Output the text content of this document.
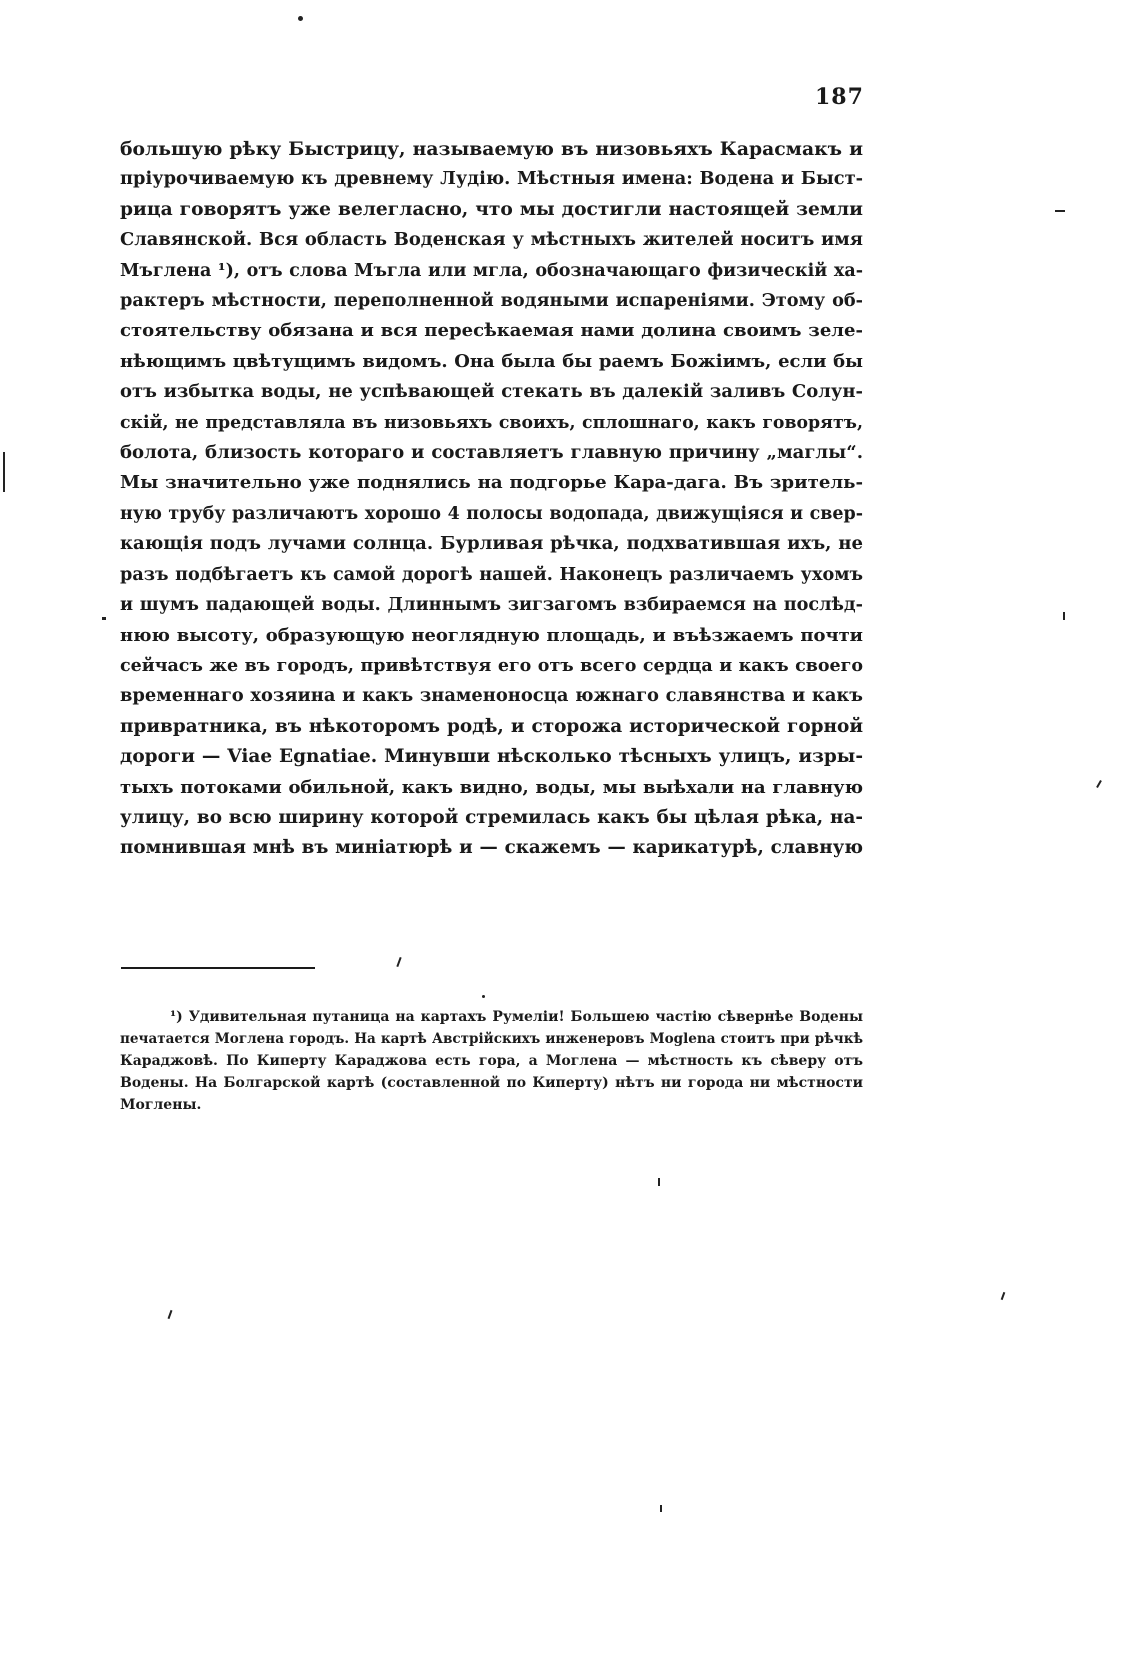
187
большую рѣку Быстрицу, называемую въ низовьяхъ Карасмакъ и
пріурочиваемую къ древнему Лудію. Мѣстныя имена: Водена и Быст-
рица говорятъ уже велегласно, что мы достигли настоящей земли
Славянской. Вся область Воденская у мѣстныхъ жителей носитъ имя
Мъглена ¹), отъ слова Мъгла или мгла, обозначающаго физическій ха-
рактеръ мѣстности, переполненной водяными испареніями. Этому об-
стоятельству обязана и вся пересѣкаемая нами долина своимъ зеле-
нѣющимъ цвѣтущимъ видомъ. Она была бы раемъ Божіимъ, если бы
отъ избытка воды, не успѣвающей стекать въ далекій заливъ Солун-
скій, не представляла въ низовьяхъ своихъ, сплошнаго, какъ говорятъ,
болота, близость котораго и составляетъ главную причину „маглы“.
Мы значительно уже поднялись на подгорье Кара-дага. Въ зритель-
ную трубу различаютъ хорошо 4 полосы водопада, движущіяся и свер-
кающія подъ лучами солнца. Бурливая рѣчка, подхватившая ихъ, не
разъ подбѣгаетъ къ самой дорогѣ нашей. Наконецъ различаемъ ухомъ
и шумъ падающей воды. Длиннымъ зигзагомъ взбираемся на послѣд-
нюю высоту, образующую неоглядную площадь, и въѣзжаемъ почти
сейчасъ же въ городъ, привѣтствуя его отъ всего сердца и какъ своего
временнаго хозяина и какъ знаменоносца южнаго славянства и какъ
привратника, въ нѣкоторомъ родѣ, и сторожа исторической горной
дороги — Viae Egnatiae. Минувши нѣсколько тѣсныхъ улицъ, изры-
тыхъ потоками обильной, какъ видно, воды, мы выѣхали на главную
улицу, во всю ширину которой стремилась какъ бы цѣлая рѣка, на-
помнившая мнѣ въ миніатюрѣ и — скажемъ — карикатурѣ, славную
¹) Удивительная путаница на картахъ Румеліи! Большею частію сѣвернѣе Водены
печатается Моглена городъ. На картѣ Австрійскихъ инженеровъ Moglena стоитъ при рѣчкѣ
Караджовѣ. По Киперту Караджова есть гора, а Моглена — мѣстность къ сѣверу отъ
Водены. На Болгарской картѣ (составленной по Киперту) нѣтъ ни города ни мѣстности
Моглены.
